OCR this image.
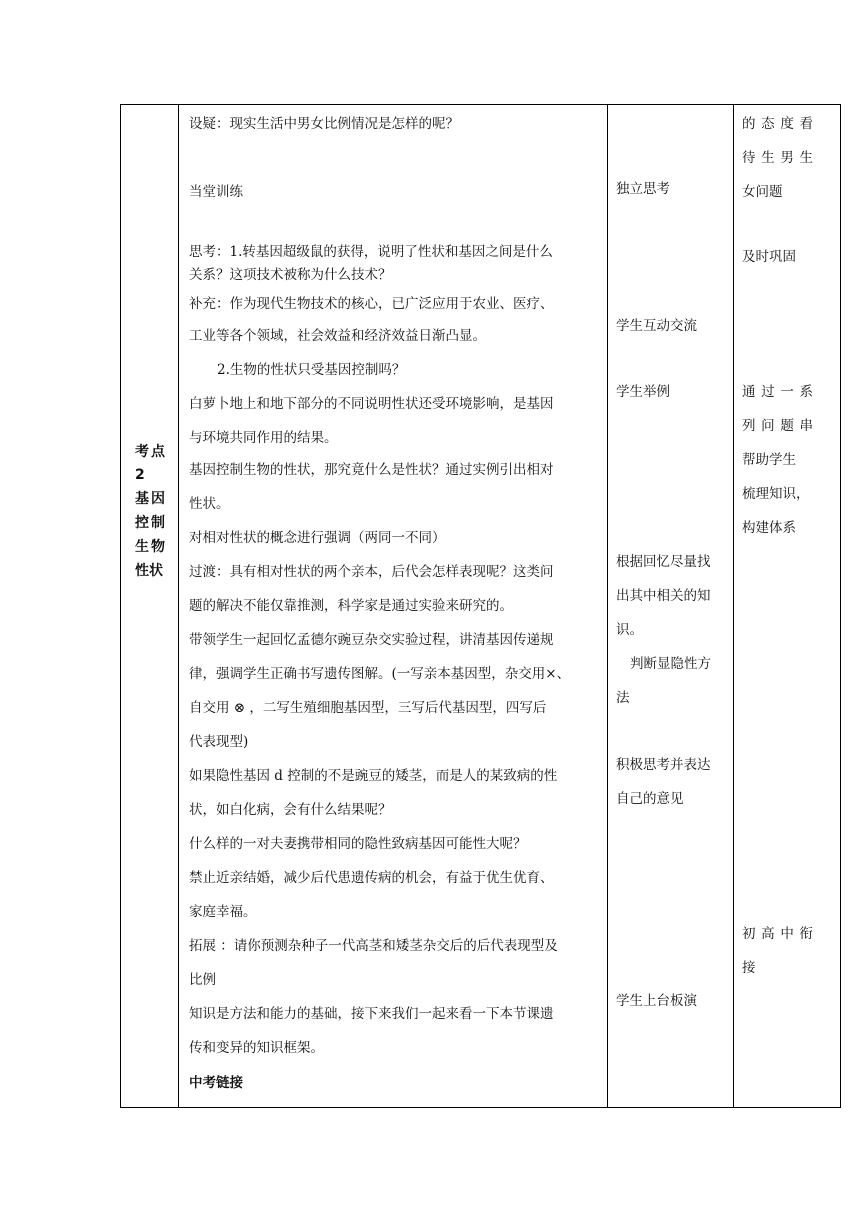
考 点
2
基 因
控 制
生 物
性状
设疑：现实生活中男女比例情况是怎样的呢？
当堂训练
思考：1.转基因超级鼠的获得，说明了性状和基因之间是什么
关系？这项技术被称为什么技术？
补充：作为现代生物技术的核心，已广泛应用于农业、医疗、
工业等各个领域，社会效益和经济效益日渐凸显。
2.生物的性状只受基因控制吗？
白萝卜地上和地下部分的不同说明性状还受环境影响，是基因
与环境共同作用的结果。
基因控制生物的性状，那究竟什么是性状？通过实例引出相对
性状。
对相对性状的概念进行强调（两同一不同）
过渡：具有相对性状的两个亲本，后代会怎样表现呢？这类问
题的解决不能仅靠推测，科学家是通过实验来研究的。
带领学生一起回忆孟德尔豌豆杂交实验过程，讲清基因传递规
律，强调学生正确书写遗传图解。(一写亲本基因型，杂交用×、
自交用 ⊗ ，二写生殖细胞基因型，三写后代基因型，四写后
代表现型)
如果隐性基因 d 控制的不是豌豆的矮茎，而是人的某致病的性
状，如白化病，会有什么结果呢？
什么样的一对夫妻携带相同的隐性致病基因可能性大呢？
禁止近亲结婚，减少后代患遗传病的机会，有益于优生优育、
家庭幸福。
拓展 ：请你预测杂种子一代高茎和矮茎杂交后的后代表现型及
比例
知识是方法和能力的基础，接下来我们一起来看一下本节课遗
传和变异的知识框架。
中考链接
独立思考
学生互动交流
学生举例
根据回忆尽量找
出其中相关的知
识。
判断显隐性方
法
积极思考并表达
自己的意见
学生上台板演
的 态 度 看
待 生 男 生
女问题
及时巩固
通 过 一 系
列 问 题 串
帮助学生
梳理知识，
构建体系
初 高 中 衔
接
